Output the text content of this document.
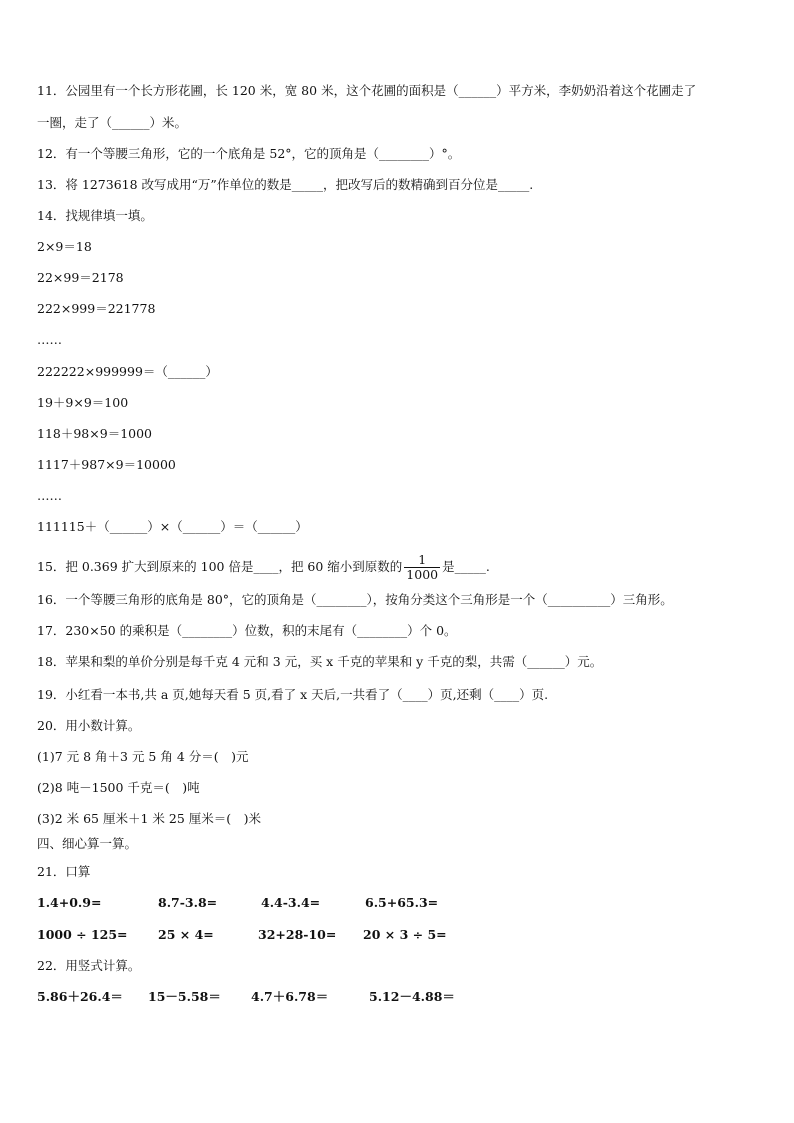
11．公园里有一个长方形花圃，长 120 米，宽 80 米，这个花圃的面积是（______）平方米，李奶奶沿着这个花圃走了
一圈，走了（______）米。
12．有一个等腰三角形，它的一个底角是 52°，它的顶角是（________）°。
13．将 1273618 改写成用“万”作单位的数是_____，把改写后的数精确到百分位是_____.
14．找规律填一填。
2×9＝18
22×99＝2178
222×999＝221778
……
222222×999999＝（______）
19＋9×9＝100
118＋98×9＝1000
1117＋987×9＝10000
……
111115＋（______）×（______）＝（______）
15．把 0.369 扩大到原来的 100 倍是____，把 60 缩小到原数的 $\frac{1}{1000}$ 是_____.
16．一个等腰三角形的底角是 80°，它的顶角是（________），按角分类这个三角形是一个（__________）三角形。
17．230×50 的乘积是（________）位数，积的末尾有（________）个 0。
18．苹果和梨的单价分别是每千克 4 元和 3 元，买 x 千克的苹果和 y 千克的梨，共需（______）元。
19．小红看一本书,共 a 页,她每天看 5 页,看了 x 天后,一共看了（____）页,还剩（____）页.
20．用小数计算。
(1)7 元 8 角＋3 元 5 角 4 分＝(　)元
(2)8 吨－1500 千克＝(　)吨
(3)2 米 65 厘米＋1 米 25 厘米＝(　)米
四、细心算一算。
21．口算
1.4+0.9=	8.7-3.8=	4.4-3.4=	6.5+65.3=
1000 ÷ 125= 25 × 4=	32+28-10= 20 × 3 ÷ 5=
22．用竖式计算。
5.86＋26.4＝ 15－5.58＝ 4.7＋6.78＝	5.12－4.88＝
